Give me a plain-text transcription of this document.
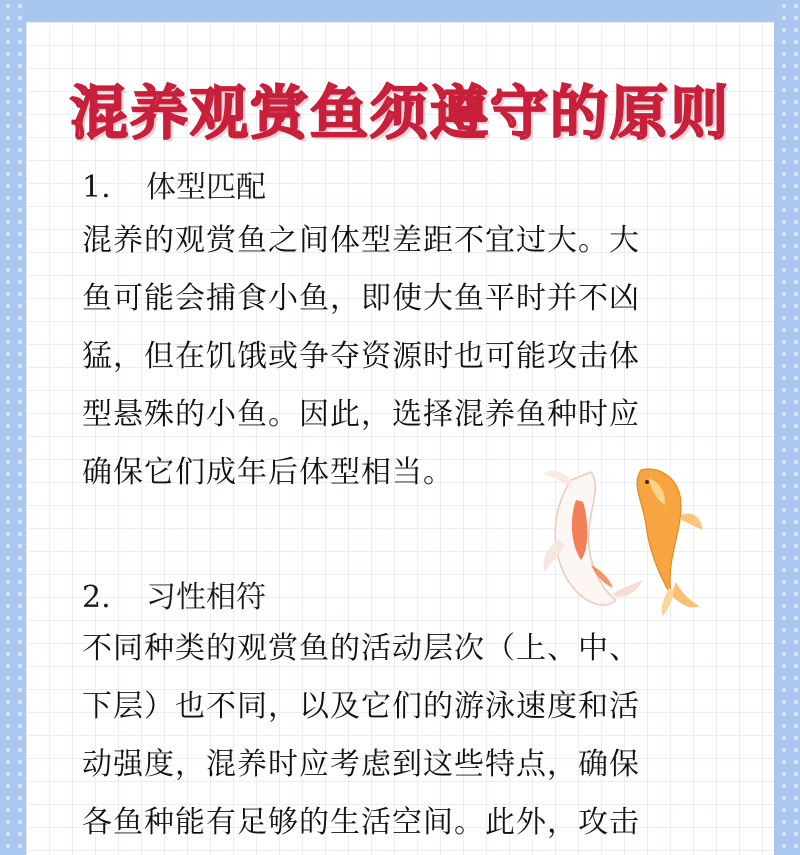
混养观赏鱼须遵守的原则
1. 体型匹配

混养的观赏鱼之间体型差距不宜过大。大

鱼可能会捕食小鱼，即使大鱼平时并不凶

猛，但在饥饿或争夺资源时也可能攻击体

型悬殊的小鱼。因此，选择混养鱼种时应

确保它们成年后体型相当。

2. 习性相符

不同种类的观赏鱼的活动层次（上、中、

下层）也不同，以及它们的游泳速度和活

动强度，混养时应考虑到这些特点，确保

各鱼种能有足够的生活空间。此外，攻击
